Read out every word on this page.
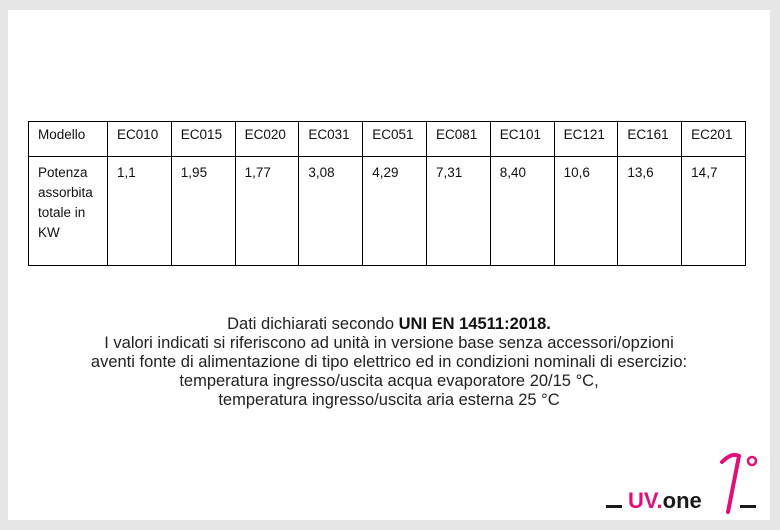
Modello	EC010	EC015	EC020	EC031	EC051	EC081	EC101	EC121	EC161	EC201

Potenza
assorbita
totale in
KW	1,1	1,95	1,77	3,08	4,29	7,31	8,40	10,6	13,6	14,7
Dati dichiarati secondo UNI EN 14511:2018.
I valori indicati si riferiscono ad unità in versione base senza accessori/opzioni
aventi fonte di alimentazione di tipo elettrico ed in condizioni nominali di esercizio:
temperatura ingresso/uscita acqua evaporatore 20/15 °C,
temperatura ingresso/uscita aria esterna 25 °C
UV.one
